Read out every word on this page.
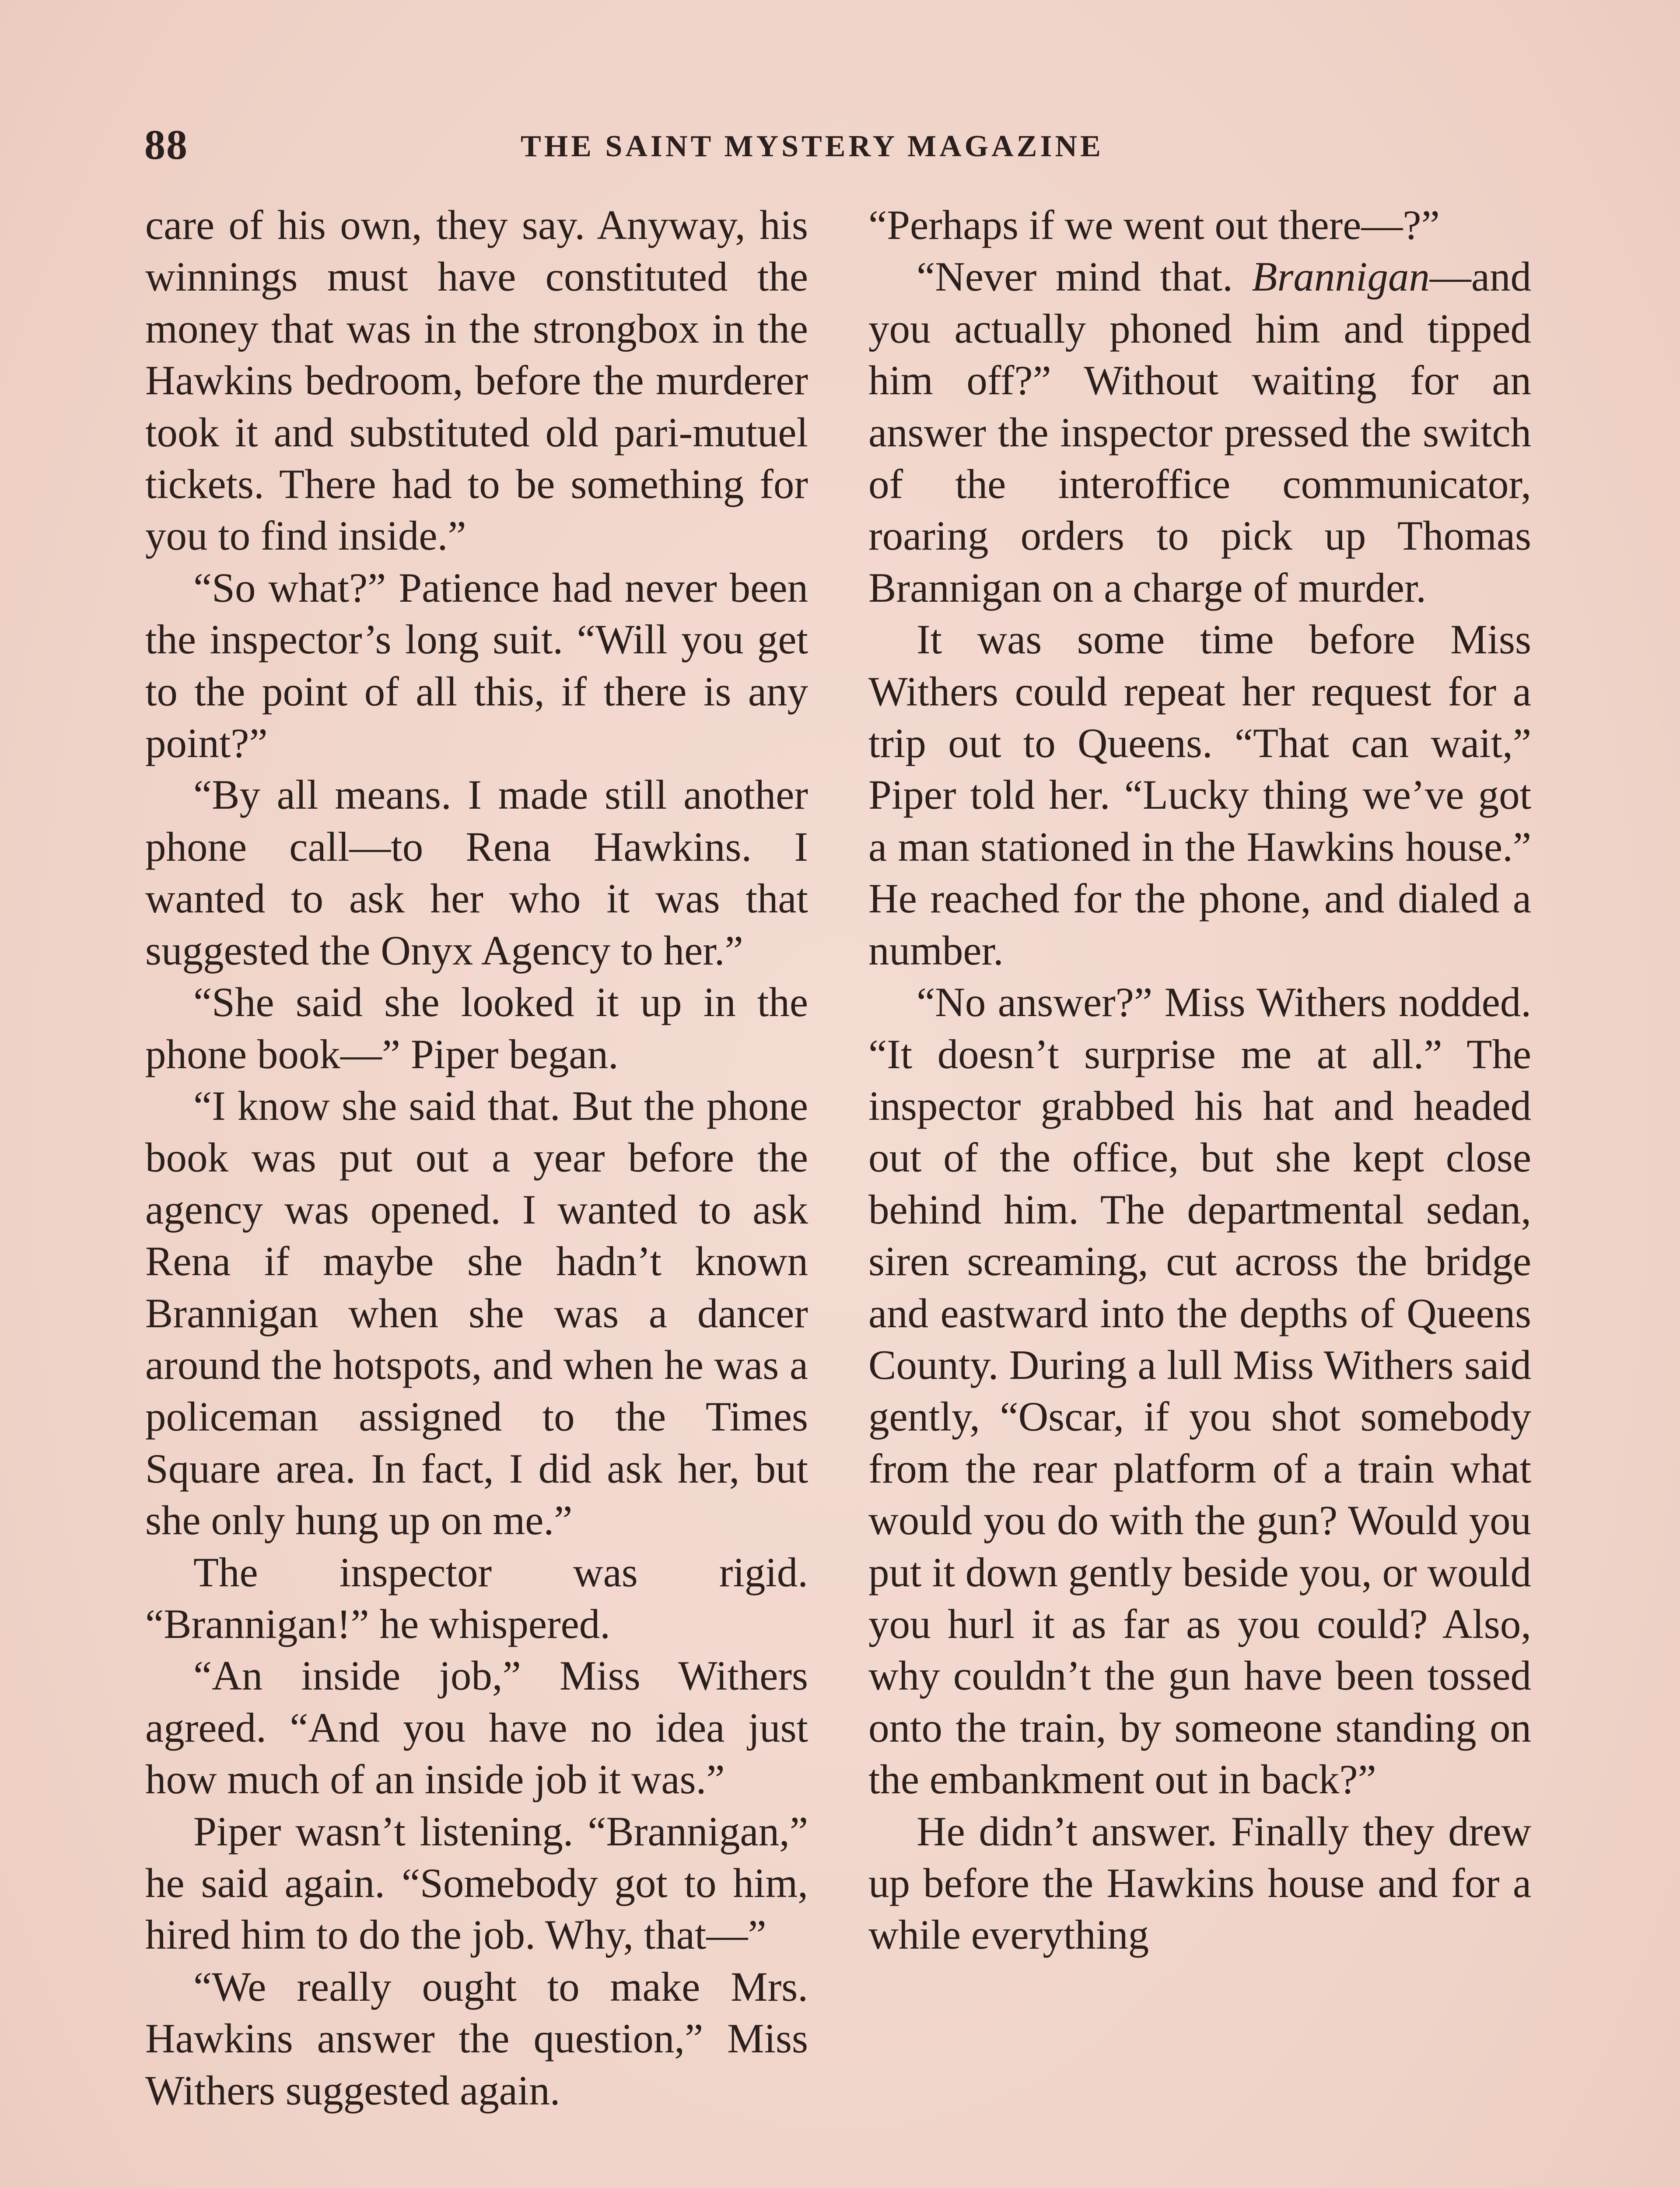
88	THE SAINT MYSTERY MAGAZINE

care of his own, they say. Anyway, his winnings must have constituted the money that was in the strongbox in the Hawkins bedroom, before the murderer took it and substituted old pari-mutuel tickets. There had to be something for you to find inside.”

“So what?” Patience had never been the inspector’s long suit. “Will you get to the point of all this, if there is any point?”

“By all means. I made still another phone call—to Rena Hawkins. I wanted to ask her who it was that suggested the Onyx Agency to her.”

“She said she looked it up in the phone book—” Piper began.

“I know she said that. But the phone book was put out a year before the agency was opened. I wanted to ask Rena if maybe she hadn’t known Brannigan when she was a dancer around the hotspots, and when he was a policeman assigned to the Times Square area. In fact, I did ask her, but she only hung up on me.”

The inspector was rigid. “Brannigan!” he whispered.

“An inside job,” Miss Withers agreed. “And you have no idea just how much of an inside job it was.”

Piper wasn’t listening. “Brannigan,” he said again. “Somebody got to him, hired him to do the job. Why, that—”

“We really ought to make Mrs. Hawkins answer the question,” Miss Withers suggested again.

“Perhaps if we went out there—?”

“Never mind that. Brannigan—and you actually phoned him and tipped him off?” Without waiting for an answer the inspector pressed the switch of the interoffice communicator, roaring orders to pick up Thomas Brannigan on a charge of murder.

It was some time before Miss Withers could repeat her request for a trip out to Queens. “That can wait,” Piper told her. “Lucky thing we’ve got a man stationed in the Hawkins house.” He reached for the phone, and dialed a number.

“No answer?” Miss Withers nodded. “It doesn’t surprise me at all.” The inspector grabbed his hat and headed out of the office, but she kept close behind him. The departmental sedan, siren screaming, cut across the bridge and eastward into the depths of Queens County. During a lull Miss Withers said gently, “Oscar, if you shot somebody from the rear platform of a train what would you do with the gun? Would you put it down gently beside you, or would you hurl it as far as you could? Also, why couldn’t the gun have been tossed onto the train, by someone standing on the embankment out in back?”

He didn’t answer. Finally they drew up before the Hawkins house and for a while everything
